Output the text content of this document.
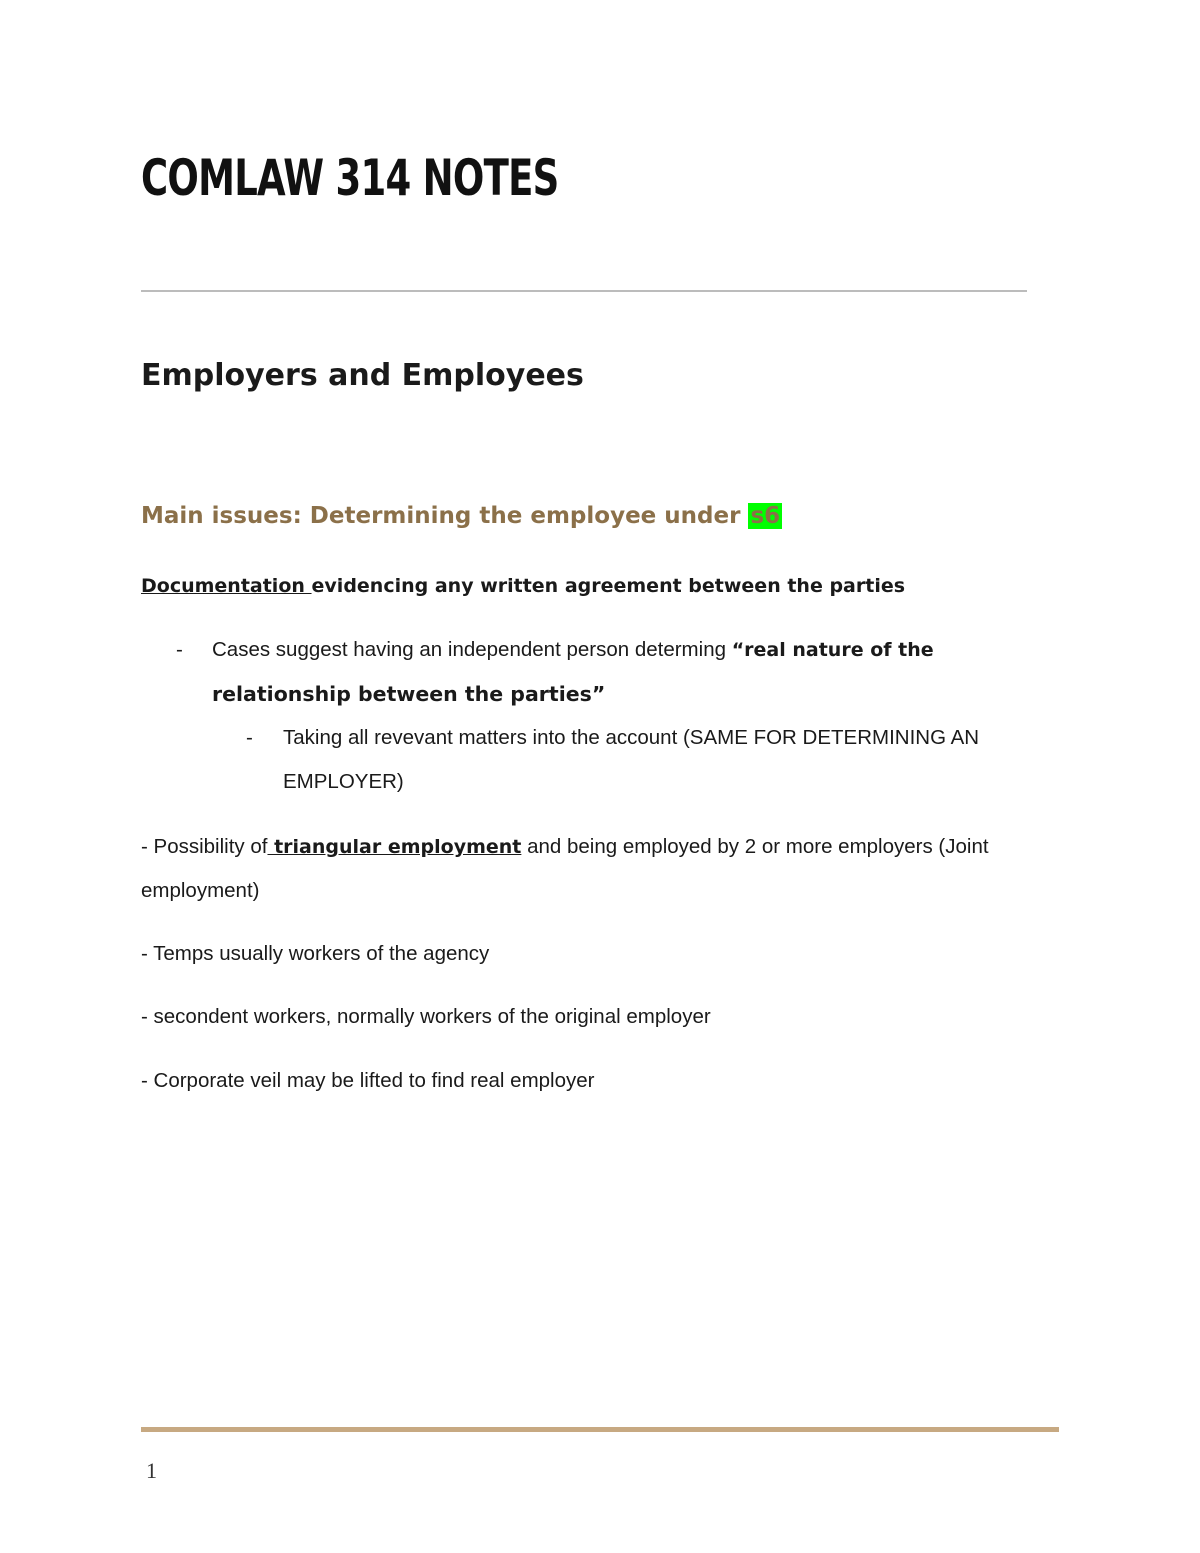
COMLAW 314 NOTES
Employers and Employees
Main issues: Determining the employee under s6

Documentation evidencing any written agreement between the parties

- Cases suggest having an independent person determing “real nature of the

relationship between the parties”

- Taking all revevant matters into the account (SAME FOR DETERMINING AN

EMPLOYER)

- Possibility of triangular employment and being employed by 2 or more employers (Joint

employment)

- Temps usually workers of the agency

- secondent workers, normally workers of the original employer

- Corporate veil may be lifted to find real employer

1
